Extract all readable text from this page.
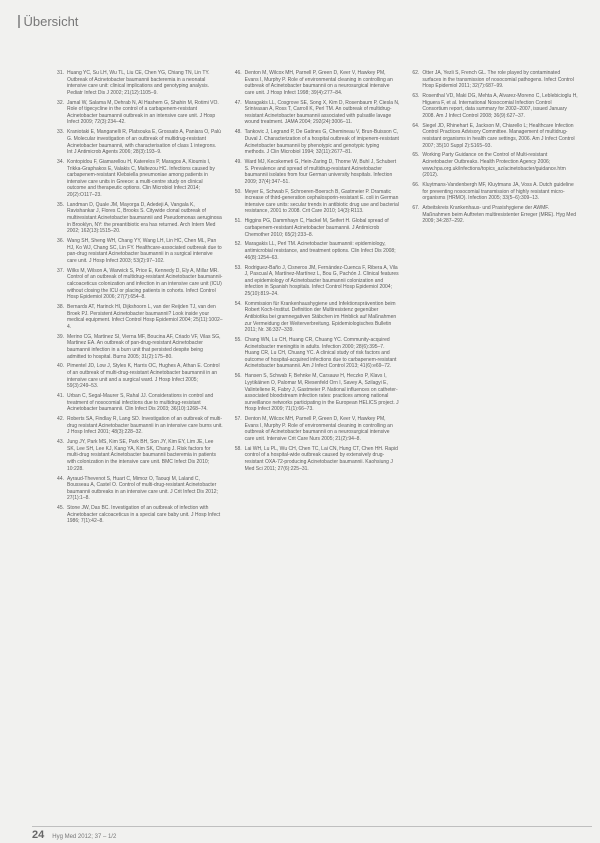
Übersicht
31. Huang YC, Su LH, Wu TL, Liu CE, Chen YG, Chiang TN, Lin TY. Outbreak of Acinetobacter baumannii bacteremia in a neonatal intensive care unit: clinical implications and genotyping analysis. Pediatr Infect Dis J 2002; 21(12):1105–9.
32. Jamal W, Salama M, Dehrab N, Al Hashem G, Shahin M, Rotimi VO. Role of tigecycline in the control of a carbapenem-resistant Acinetobacter baumannii outbreak in an intensive care unit. J Hosp Infect 2009; 72(3):234–42.
33. Kraniotaki E, Manganelli R, Platsouka E, Grossato A, Paniara O, Palù G. Molecular investigation of an outbreak of multidrug-resistant Acinetobacter baumannii, with characterisation of class 1 integrons. Int J Antimicrob Agents 2006; 28(3):193–9.
34. Kontopidou F, Giamarellou H, Katerelos P, Maragos A, Kioumis I, Trikka-Graphakos E, Valakis C, Maltezou HC. Infections caused by carbapenem-resistant Klebsiella pneumoniae among patients in intensive care units in Greece: a multi-centre study on clinical outcome and therapeutic options. Clin Microbiol Infect 2014; 20(2):O117–23.
35. Landman D, Quale JM, Mayorga D, Adedeji A, Vangala K, Ravishankar J, Flores C, Brooks S. Citywide clonal outbreak of multiresistant Acinetobacter baumannii and Pseudomonas aeruginosa in Brooklyn, NY: the preantibiotic era has returned. Arch Intern Med 2002; 162(13):1515–20.
36. Wang SH, Sheng WH, Chang YY, Wang LH, Lin HC, Chen ML, Pan HJ, Ko WJ, Chang SC, Lin FY. Healthcare-associated outbreak due to pan-drug resistant Acinetobacter baumannii in a surgical intensive care unit. J Hosp Infect 2003; 53(2):97–102.
37. Wilks M, Wilson A, Warwick S, Price E, Kennedy D, Ely A, Millar MR. Control of an outbreak of multidrug-resistant Acinetobacter baumannii-calcoaceticus colonization and infection in an intensive care unit (ICU) without closing the ICU or placing patients in cohorts. Infect Control Hosp Epidemiol 2006; 27(7):654–8.
38. Bernards AT, Harinck HI, Dijkshoorn L, van der Reijden TJ, van den Broek PJ. Persistent Acinetobacter baumannii? Look inside your medical equipment. Infect Control Hosp Epidemiol 2004; 25(11):1002–4.
39. Merino CG, Martinez SI, Vierna MF, Boucina AF, Criado VF, Vilas SG, Martinez EA. An outbreak of pan-drug-resistant Acinetobacter baumannii infection in a burn unit that persisted despite being admitted to hospital. Burns 2005; 31(2):175–80.
40. Pimentel JD, Low J, Styles K, Harris OC, Hughes A, Athan E. Control of an outbreak of multi-drug-resistant Acinetobacter baumannii in an intensive care unit and a surgical ward. J Hosp Infect 2005; 59(3):249–53.
41. Urban C, Segal-Maurer S, Rahal JJ. Considerations in control and treatment of nosocomial infections due to multidrug-resistant Acinetobacter baumannii. Clin Infect Dis 2003; 36(10):1268–74.
42. Roberts SA, Findlay R, Lang SD. Investigation of an outbreak of multi-drug resistant Acinetobacter baumannii in an intensive care burns unit. J Hosp Infect 2001; 48(3):228–32.
43. Jung JY, Park MS, Kim SE, Park BH, Son JY, Kim EY, Lim JE, Lee SK, Lee SH, Lee KJ, Kang YA, Kim SK, Chang J. Risk factors for multi-drug resistant Acinetobacter baumannii bacteremia in patients with colonization in the intensive care unit. BMC Infect Dis 2010; 10:228.
44. Ayraud-Thevenot S, Huart C, Mimoz O, Taouqi M, Laland C, Bousseau A, Castel O. Control of multi-drug-resistant Acinetobacter baumannii outbreaks in an intensive care unit. J Crit Infect Dis 2012; 27(1):1–8.
45. Stone JW, Das BC. Investigation of an outbreak of infection with Acinetobacter calcoaceticus in a special care baby unit. J Hosp Infect 1986; 7(1):42–8.
46. Denton M, Wilcox MH, Parnell P, Green D, Keer V, Hawkey PM, Evans I, Murphy P. Role of environmental cleaning in controlling an outbreak of Acinetobacter baumannii on a neurosurgical intensive care unit. J Hosp Infect 1998; 39(4):277–84.
47. Maragakis LL, Cosgrove SE, Song X, Kim D, Rosenbaum P, Ciesla N, Srinivasan A, Ross T, Carroll K, Perl TM. An outbreak of multidrug-resistant Acinetobacter baumannii associated with pulsatile lavage wound treatment. JAMA 2004; 292(24):3006–11.
48. Tankovic J, Legrand P, De Gatines G, Chemineau V, Brun-Buisson C, Duval J. Characterization of a hospital outbreak of imipenem-resistant Acinetobacter baumannii by phenotypic and genotypic typing methods. J Clin Microbiol 1994; 32(11):2677–81.
49. Ward MJ, Kecskemeti G, Hein-Zaring D, Thorne W, Buhl J, Schubert S. Prevalence and spread of multidrug-resistant Acinetobacter baumannii isolates from four German university hospitals. Infection 2009; 37(4):347–51.
50. Meyer E, Schwab F, Schroeren-Boersch B, Gastmeier P. Dramatic increase of third-generation cephalosporin-resistant E. coli in German intensive care units: secular trends in antibiotic drug use and bacterial resistance, 2001 to 2008. Crit Care 2010; 14(3):R113.
51. Higgins PG, Dammhayn C, Hackel M, Seifert H. Global spread of carbapenem-resistant Acinetobacter baumannii. J Antimicrob Chemother 2010; 65(2):233–8.
52. Maragakis LL, Perl TM. Acinetobacter baumannii: epidemiology, antimicrobial resistance, and treatment options. Clin Infect Dis 2008; 46(8):1254–63.
53. Rodriguez-Baño J, Cisneros JM, Fernández-Cuenca F, Ribera A, Vila J, Pascual A, Martínez-Martínez L, Bou G, Pachón J. Clinical features and epidemiology of Acinetobacter baumannii colonization and infection in Spanish hospitals. Infect Control Hosp Epidemiol 2004; 25(10):819–24.
54. Kommission für Krankenhaushygiene und Infektionsprävention beim Robert Koch-Institut. Definition der Multiresistenz gegenüber Antibiotika bei gramnegativen Stäbchen im Hinblick auf Maßnahmen zur Vermeidung der Weiterverbreitung. Epidemiologisches Bulletin 2011; Nr. 36:337–339.
55. Chang WN, Lu CH, Huang CR, Chuang YC. Community-acquired Acinetobacter meningitis in adults. Infection 2000; 28(6):395–7. Huang CR, Lu CH, Chuang YC. A clinical study of risk factors and outcome of hospital-acquired infections due to carbapenem-resistant Acinetobacter baumannii. Am J Infect Control 2013; 41(6):e69–72.
56. Hansen S, Schwab F, Behnke M, Carsauw H, Heczko P, Klavs I, Lyytikäinen O, Palomar M, Riesenfeld Orn I, Savey A, Szilagyi E, Valinteliene R, Fabry J, Gastmeier P. National influences on catheter-associated bloodstream infection rates: practices among national surveillance networks participating in the European HELICS project. J Hosp Infect 2009; 71(1):66–73.
57. Denton M, Wilcox MH, Parnell P, Green D, Keer V, Hawkey PM, Evans I, Murphy P. Role of environmental cleaning in controlling an outbreak of Acinetobacter baumannii on a neurosurgical intensive care unit. Intensive Crit Care Nurs 2005; 21(2):94–8.
58. Lai WH, Lu PL, Wu CH, Chen TC, Lai CN, Hung CT, Chen HH. Rapid control of a hospital-wide outbreak caused by extensively drug-resistant OXA-72-producing Acinetobacter baumannii. Kaohsiung J Med Sci 2011; 27(6):225–31.
62. Otter JA, Yezli S, French GL. The role played by contaminated surfaces in the transmission of nosocomial pathogens. Infect Control Hosp Epidemiol 2011; 32(7):687–99.
63. Rosenthal VD, Maki DG, Mehta A, Alvarez-Moreno C, Leblebicioglu H, Higuera F, et al. International Nosocomial Infection Control Consortium report, data summary for 2002–2007, issued January 2008. Am J Infect Control 2008; 36(9):627–37.
64. Siegel JD, Rhinehart E, Jackson M, Chiarello L; Healthcare Infection Control Practices Advisory Committee. Management of multidrug-resistant organisms in health care settings, 2006. Am J Infect Control 2007; 35(10 Suppl 2):S165–93.
65. Working Party Guidance on the Control of Multi-resistant Acinetobacter Outbreaks. Health Protection Agency 2006; www.hpa.org.uk/infections/topics_az/acinetobacter/guidance.htm (2012).
66. Kluytmans-Vandenbergh MF, Kluytmans JA, Voss A. Dutch guideline for preventing nosocomial transmission of highly resistant micro-organisms (HRMO). Infection 2005; 33(5–6):309–13.
67. Arbeitskreis Krankenhaus- und Praxishygiene der AWMF. Maßnahmen beim Auftreten multiresistenter Erreger (MRE). Hyg Med 2009; 34:287–292.
24 Hyg Med 2012; 37 – 1/2
